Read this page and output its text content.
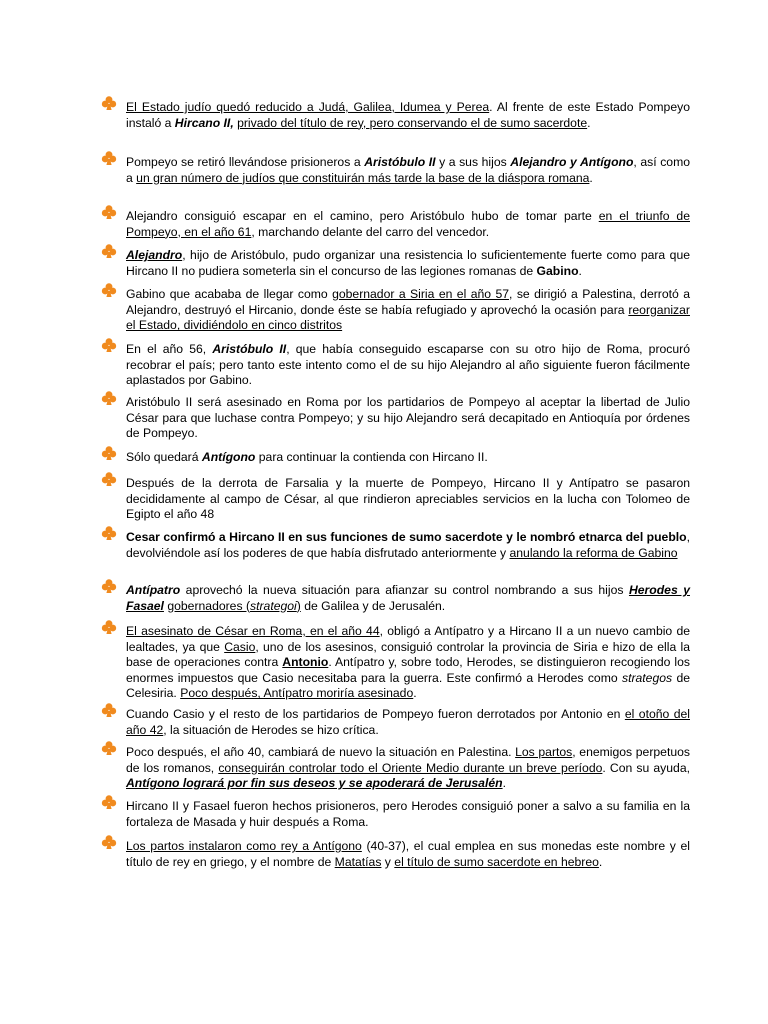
El Estado judío quedó reducido a Judá, Galilea, Idumea y Perea. Al frente de este Estado Pompeyo instaló a Hircano II, privado del título de rey, pero conservando el de sumo sacerdote.

Pompeyo se retiró llevándose prisioneros a Aristóbulo II y a sus hijos Alejandro y Antígono, así como a un gran número de judíos que constituirán más tarde la base de la diáspora romana.

Alejandro consiguió escapar en el camino, pero Aristóbulo hubo de tomar parte en el triunfo de Pompeyo, en el año 61, marchando delante del carro del vencedor.

Alejandro, hijo de Aristóbulo, pudo organizar una resistencia lo suficientemente fuerte como para que Hircano II no pudiera someterla sin el concurso de las legiones romanas de Gabino.

Gabino que acababa de llegar como gobernador a Siria en el año 57, se dirigió a Palestina, derrotó a Alejandro, destruyó el Hircanio, donde éste se había refugiado y aprovechó la ocasión para reorganizar el Estado, dividiéndolo en cinco distritos

En el año 56, Aristóbulo II, que había conseguido escaparse con su otro hijo de Roma, procuró recobrar el país; pero tanto este intento como el de su hijo Alejandro al año siguiente fueron fácilmente aplastados por Gabino.

Aristóbulo II será asesinado en Roma por los partidarios de Pompeyo al aceptar la libertad de Julio César para que luchase contra Pompeyo; y su hijo Alejandro será decapitado en Antioquía por órdenes de Pompeyo.

Sólo quedará Antígono para continuar la contienda con Hircano II.

Después de la derrota de Farsalia y la muerte de Pompeyo, Hircano II y Antípatro se pasaron decididamente al campo de César, al que rindieron apreciables servicios en la lucha con Tolomeo de Egipto el año 48

Cesar confirmó a Hircano II en sus funciones de sumo sacerdote y le nombró etnarca del pueblo, devolviéndole así los poderes de que había disfrutado anteriormente y anulando la reforma de Gabino

Antípatro aprovechó la nueva situación para afianzar su control nombrando a sus hijos Herodes y Fasael gobernadores (strategoi) de Galilea y de Jerusalén.

El asesinato de César en Roma, en el año 44, obligó a Antípatro y a Hircano II a un nuevo cambio de lealtades, ya que Casio, uno de los asesinos, consiguió controlar la provincia de Siria e hizo de ella la base de operaciones contra Antonio. Antípatro y, sobre todo, Herodes, se distinguieron recogiendo los enormes impuestos que Casio necesitaba para la guerra. Este confirmó a Herodes como strategos de Celesiria. Poco después, Antípatro moriría asesinado.

Cuando Casio y el resto de los partidarios de Pompeyo fueron derrotados por Antonio en el otoño del año 42, la situación de Herodes se hizo crítica.

Poco después, el año 40, cambiará de nuevo la situación en Palestina. Los partos, enemigos perpetuos de los romanos, conseguirán controlar todo el Oriente Medio durante un breve período. Con su ayuda, Antígono logrará por fin sus deseos y se apoderará de Jerusalén.

Hircano II y Fasael fueron hechos prisioneros, pero Herodes consiguió poner a salvo a su familia en la fortaleza de Masada y huir después a Roma.

Los partos instalaron como rey a Antígono (40-37), el cual emplea en sus monedas este nombre y el título de rey en griego, y el nombre de Matatías y el título de sumo sacerdote en hebreo.
